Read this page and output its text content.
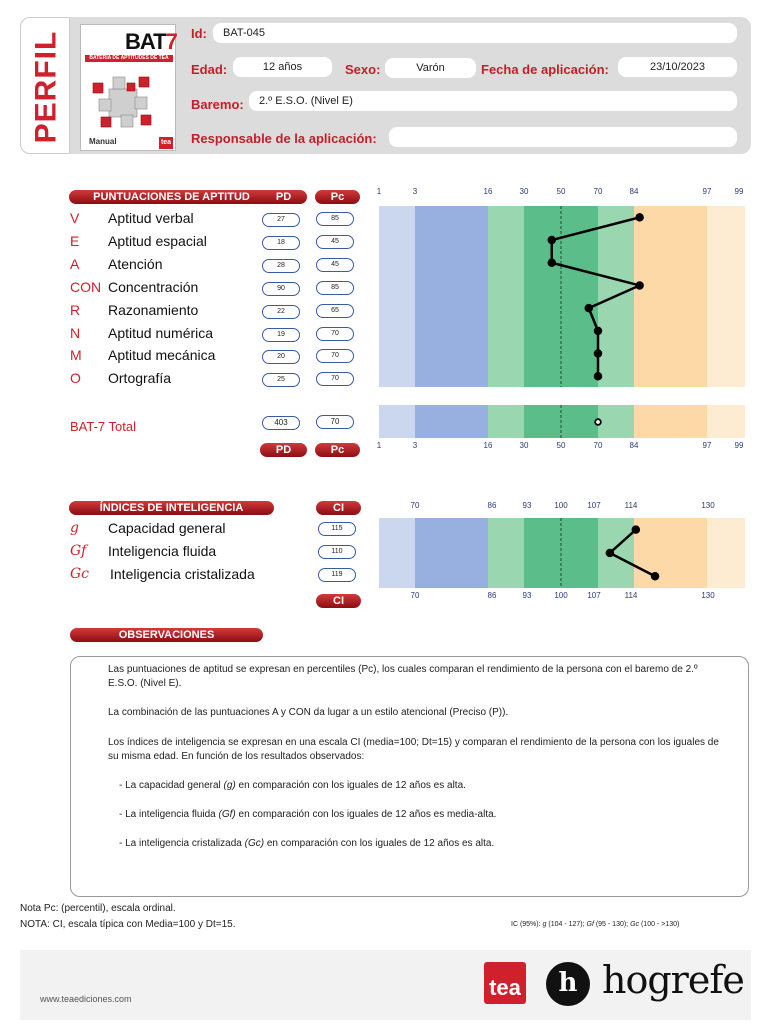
PERFIL	BAT7
BATERÍA DE APTITUDES DE TEA
Manual	tea
Id:	BAT-045
Edad:	12 años	Sexo:	Varón	Fecha de aplicación:	23/10/2023
Baremo:	2.º E.S.O. (Nivel E)
Responsable de la aplicación:
PUNTUACIONES DE APTITUD	PD	Pc	1	3	16	30	50	70	84	97	99
V Aptitud verbal	27	85
E Aptitud espacial	18	45
A Atención	28	45
CON Concentración	90	85
R Razonamiento	22	65
N Aptitud numérica	19	70
M Aptitud mecánica	20	70
O Ortografía	25	70
BAT-7 Total	403	70
1	3	16	30	50	70	84	97	99
PD	Pc
ÍNDICES DE INTELIGENCIA	CI	70	86	93	100 107	114	130
g Capacidad general	115
Gf Inteligencia fluida	110
Gc Inteligencia cristalizada	119
70	86	93	100 107	114	130
CI
OBSERVACIONES
Las puntuaciones de aptitud se expresan en percentiles (Pc), los cuales comparan el rendimiento de la persona con el baremo de 2.º E.S.O. (Nivel E).
La combinación de las puntuaciones A y CON da lugar a un estilo atencional (Preciso (P)).
Los índices de inteligencia se expresan en una escala CI (media=100; Dt=15) y comparan el rendimiento de la persona con los iguales de su misma edad. En función de los resultados observados:
- La capacidad general (g) en comparación con los iguales de 12 años es alta.
- La inteligencia fluida (Gf) en comparación con los iguales de 12 años es media-alta.
- La inteligencia cristalizada (Gc) en comparación con los iguales de 12 años es alta.
Nota Pc: (percentil), escala ordinal.
NOTA: CI, escala típica con Media=100 y Dt=15.	IC (95%): g (104 - 127); Gf (95 - 130); Gc (100 - >130)
www.teaediciones.com	tea	h hogrefe
